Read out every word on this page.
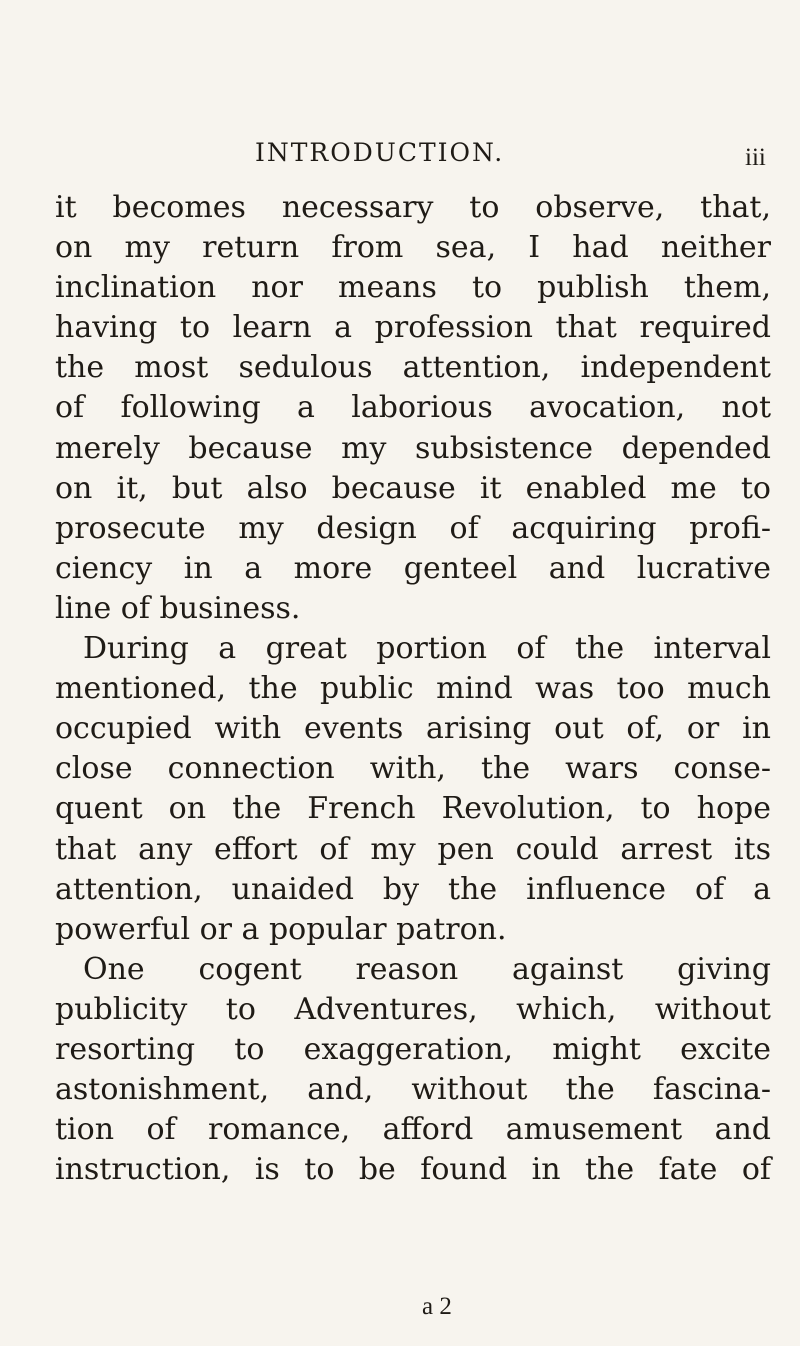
INTRODUCTION.	iii
it becomes necessary to observe, that,
on my return from sea, I had neither
inclination nor means to publish them,
having to learn a profession that required
the most sedulous attention, independent
of following a laborious avocation, not
merely because my subsistence depended
on it, but also because it enabled me to
prosecute my design of acquiring profi-
ciency in a more genteel and lucrative
line of business.
During a great portion of the interval
mentioned, the public mind was too much
occupied with events arising out of, or in
close connection with, the wars conse-
quent on the French Revolution, to hope
that any effort of my pen could arrest its
attention, unaided by the influence of a
powerful or a popular patron.
One cogent reason against giving
publicity to Adventures, which, without
resorting to exaggeration, might excite
astonishment, and, without the fascina-
tion of romance, afford amusement and
instruction, is to be found in the fate of
a 2
